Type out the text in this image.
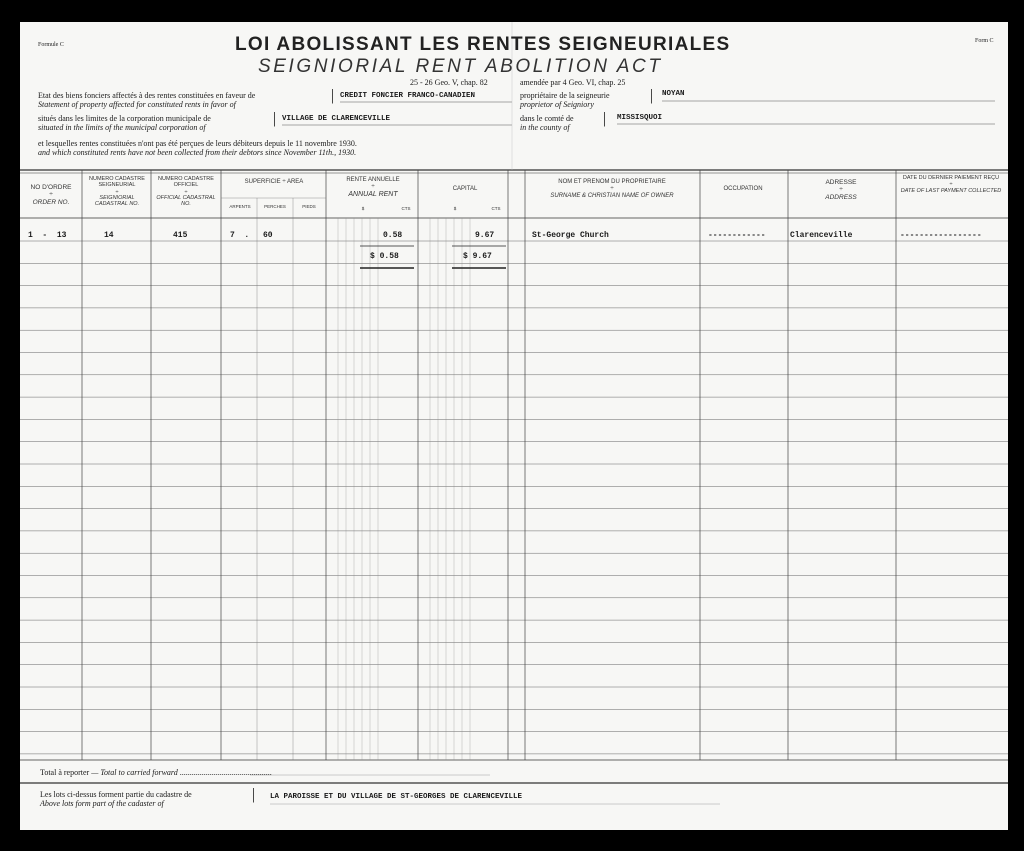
Formule C
Form C
LOI ABOLISSANT LES RENTES SEIGNEURIALES
SEIGNIORIAL RENT ABOLITION ACT
25 - 26 Geo. V, chap. 82	amendée par 4 Geo. VI, chap. 25
Etat des biens fonciers affectés à des rentes constituées en faveur de
Statement of property affected for constituted rents in favor of
| CREDIT FONCIER FRANCO-CANADIEN
situés dans les limites de la corporation municipale de
situated in the limits of the municipal corporation of
| VILLAGE DE CLARENCEVILLE
et lesquelles rentes constituées n'ont pas été perçues de leurs débiteurs depuis le 11 novembre 1930.
and which constituted rents have not been collected from their debtors since November 11th., 1930.
propriétaire de la seigneurie
proprietor of Seigniory
| NOYAN
dans le comté de
in the county of
| MISSISQUOI
NO D'ORDRE
÷
ORDER NO.
NUMERO CADASTRE SEIGNEURIAL
÷
SEIGNIORIAL CADASTRAL NO.
NUMERO CADASTRE OFFICIEL
÷
OFFICIAL CADASTRAL NO.
SUPERFICIE ÷ AREA
ARPENTS	PERCHES	PIEDS
RENTE ANNUELLE
÷
ANNUAL RENT
$	CTS
CAPITAL
$	CTS
NOM ET PRENOM DU PROPRIETAIRE
÷
SURNAME & CHRISTIAN NAME OF OWNER
OCCUPATION
ADRESSE
÷
ADDRESS
DATE DU DERNIER PAIEMENT REÇU
÷
DATE OF LAST PAYMENT COLLECTED
1 - 13	14	415	7 . 60	0.58	9.67	St-George Church	------------	Clarenceville	-----------------
$ 0.58	$ 9.67
Total à reporter — Total to carried forward ..............................................
Les lots ci-dessus forment partie du cadastre de
Above lots form part of the cadaster of
| LA PAROISSE ET DU VILLAGE DE ST-GEORGES DE CLARENCEVILLE
